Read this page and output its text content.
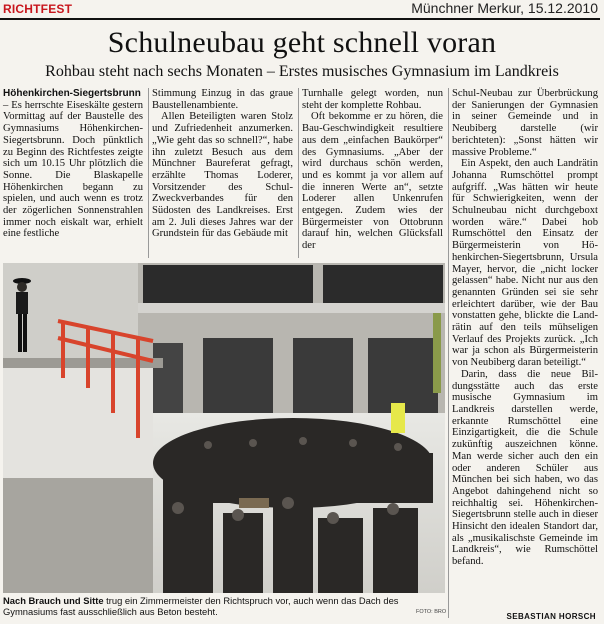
RICHTFEST	Münchner Merkur, 15.12.2010
Schulneubau geht schnell voran
Rohbau steht nach sechs Monaten – Erstes musisches Gymnasium im Landkreis

Höhenkirchen-Siegertsbrunn – Es herrschte Eiseskälte gestern Vormittag auf der Baustelle des Gymnasiums Höhenkirchen-Siegertsbrunn. Doch pünktlich zu Beginn des Richtfestes zeigte sich um 10.15 Uhr plötzlich die Sonne. Die Blaskapelle Höhenkirchen begann zu spielen, und auch wenn es trotz der zögerlichen Sonnenstrahlen immer noch eiskalt war, erhielt eine festliche

Stimmung Einzug in das graue Baustellenambiente.

Allen Beteiligten waren Stolz und Zufriedenheit anzumerken. „Wie geht das so schnell?“, habe ihn zuletzt Besuch aus dem Münchner Baureferat gefragt, erzählte Thomas Loderer, Vorsitzender des Schul-Zweckverbandes für den Südosten des Landkreises. Erst am 2. Juli dieses Jahres war der Grundstein für das Gebäude mit

Turnhalle gelegt worden, nun steht der komplette Rohbau.

Oft bekomme er zu hören, die Bau-Geschwindigkeit resultiere aus dem „einfachen Baukörper“ des Gymnasiums. „Aber der wird durchaus schön werden, und es kommt ja vor allem auf die inneren Werte an“, setzte Loderer allen Unkenrufen entgegen. Zudem wies der Bürgermeister von Ottobrunn darauf hin, welchen Glücksfall der

Schul-Neubau zur Überbrückung der Sanierungen der Gymnasien in seiner Gemeinde und in Neubiberg darstelle (wir berichteten): „Sonst hätten wir massive Probleme.“

Ein Aspekt, den auch Landrätin Johanna Rumschöttel prompt aufgriff. „Was hätten wir heute für Schwierigkeiten, wenn der Schulneubau nicht durchgeboxt worden wäre.“ Dabei hob Rumschöttel den Einsatz der Bürgermeisterin von Höhenkirchen-Siegertsbrunn, Ursula Mayer, hervor, die „nicht locker gelassen“ habe. Nicht nur aus den genannten Gründen sei sie sehr erleichtert darüber, wie der Bau vonstatten gehe, blickte die Landrätin auf den teils mühseligen Verlauf des Projekts zurück. „Ich war ja schon als Bürgermeisterin von Neubiberg daran beteiligt.“

Darin, dass die neue Bildungsstätte auch das erste musische Gymnasium im Landkreis darstellen werde, erkannte Rumschöttel eine Einzigartigkeit, die die Schule zukünftig auszeichnen könne. Man werde sicher auch den ein oder anderen Schüler aus München bei sich haben, wo das Angebot dahingehend nicht so reichhaltig sei. Höhenkirchen-Siegertsbrunn stelle auch in dieser Hinsicht den idealen Standort dar, als „musikalischste Gemeinde im Landkreis“, wie Rumschöttel befand.

Nach Brauch und Sitte trug ein Zimmermeister den Richtspruch vor, auch wenn das Dach des Gymnasiums fast ausschließlich aus Beton besteht.	FOTO: BRO	SEBASTIAN HORSCH
